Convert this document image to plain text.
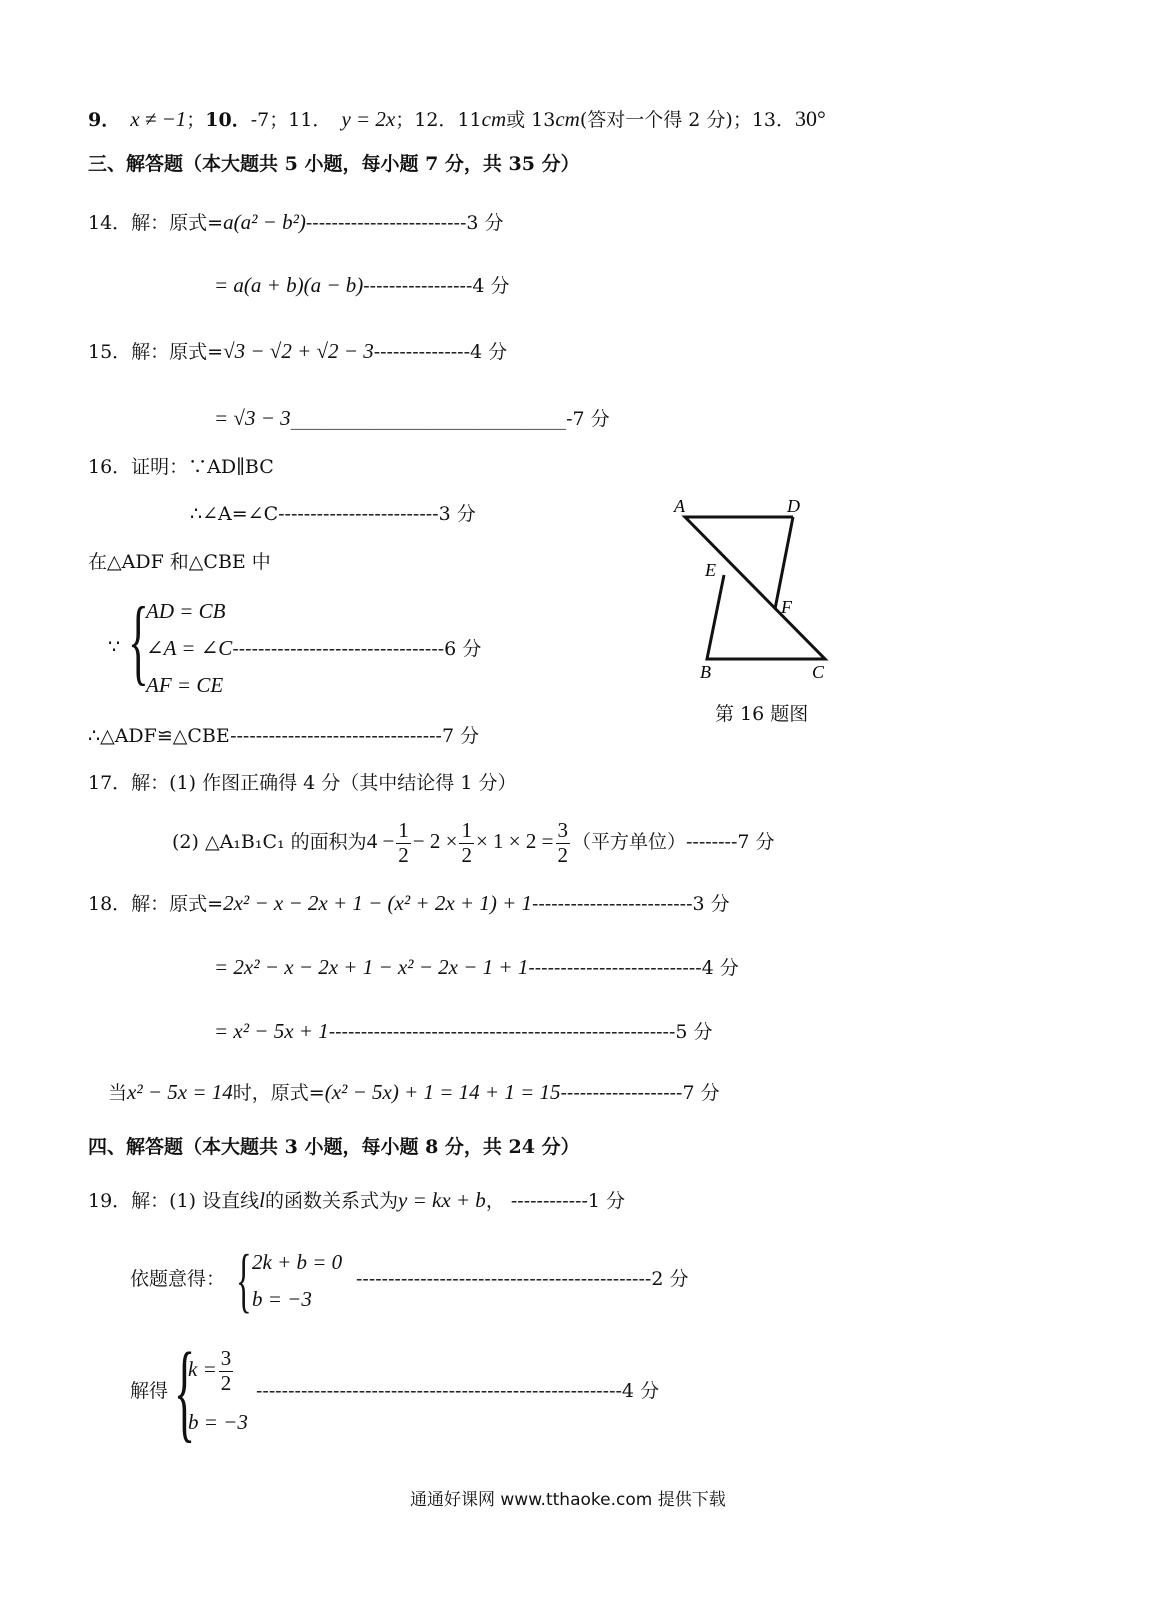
9． x ≠ −1；10．-7；11． y = 2x；12．11cm或 13cm(答对一个得 2 分)；13．30°
三、解答题（本大题共 5 小题，每小题 7 分，共 35 分）
14．解：原式=a(a² − b²)-------------------------3 分
= a(a + b)(a − b)-----------------4 分
15．解：原式=√3 − √2 + √2 − 3---------------4 分
= √3 − 3_____________________________-7 分
16．证明：∵AD∥BC
∴∠A=∠C-------------------------3 分
在△ADF 和△CBE 中
∵ {
AD = CB
∠A = ∠C---------------------------------6 分
AF = CE
∴△ADF≌△CBE---------------------------------7 分
A	D
E
F
B	C
第 16 题图
17．解：(1) 作图正确得 4 分（其中结论得 1 分）
(2) △A₁B₁C₁ 的面积为$4 - \frac{1}{2} - 2 \times \frac{1}{2} \times 1 \times 2 = \frac{3}{2}$ （平方单位）--------7 分
18．解：原式=2x² − x − 2x + 1 − (x² + 2x + 1) + 1-------------------------3 分
= 2x² − x − 2x + 1 − x² − 2x − 1 + 1---------------------------4 分
= x² − 5x + 1------------------------------------------------------5 分
当x² − 5x = 14时，原式=(x² − 5x) + 1 = 14 + 1 = 15-------------------7 分
四、解答题（本大题共 3 小题，每小题 8 分，共 24 分）
19．解：(1) 设直线l的函数关系式为y = kx + b， ------------1 分
依题意得： { 2k + b = 0
b = −3
----------------------------------------------2 分
解得 {
$k = \frac{3}{2}$
b = −3
---------------------------------------------------------4 分
通通好课网 www.tthaoke.com 提供下载
